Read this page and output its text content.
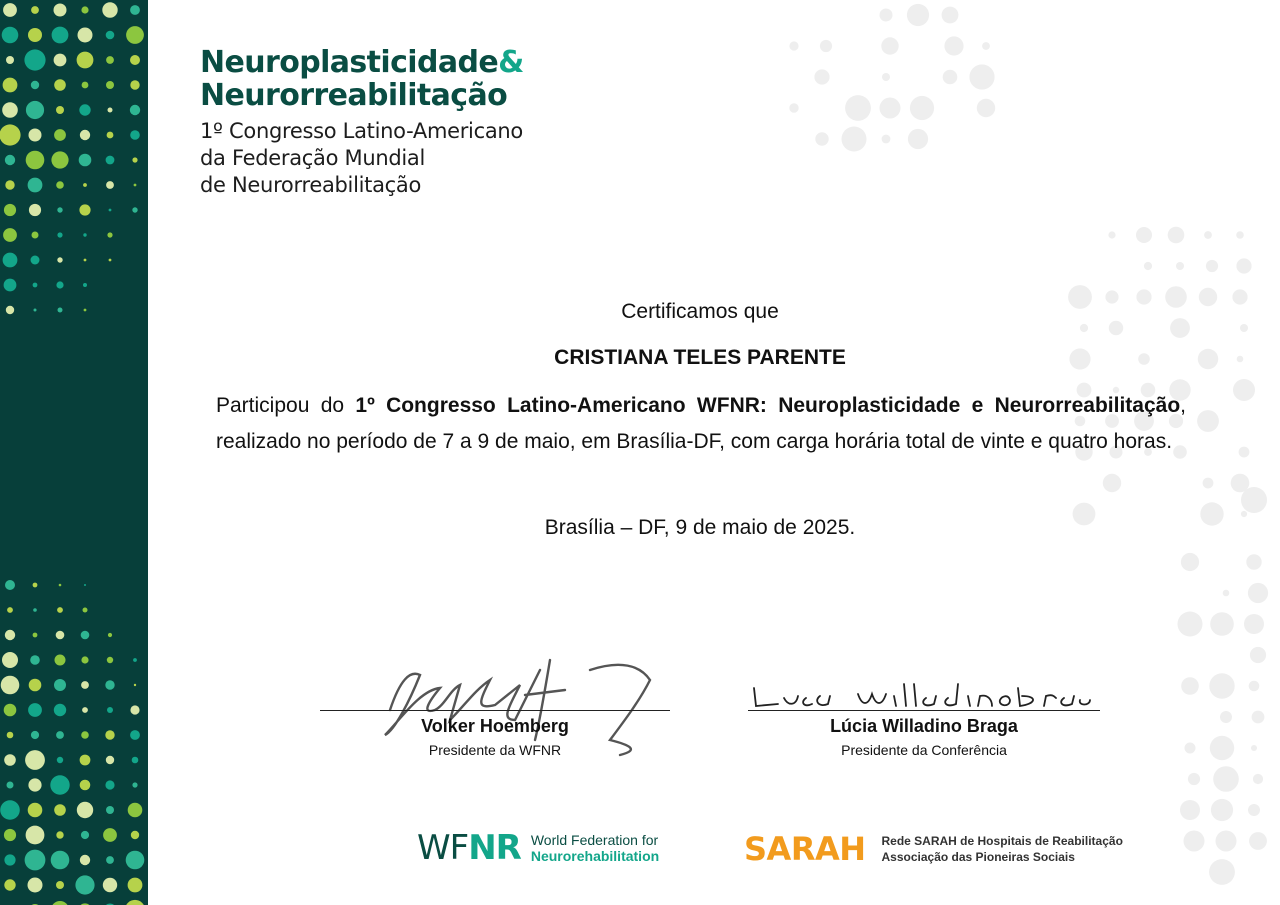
Neuroplasticidade&
Neurorreabilitação
1º Congresso Latino-Americano
da Federação Mundial
de Neurorreabilitação
Certificamos que
CRISTIANA TELES PARENTE
Participou do 1º Congresso Latino-Americano WFNR: Neuroplasticidade e Neurorreabilitação, realizado no período de 7 a 9 de maio, em Brasília-DF, com carga horária total de vinte e quatro horas.
Brasília – DF, 9 de maio de 2025.
Volker Hoemberg
Presidente da WFNR
Lúcia Willadino Braga
Presidente da Conferência
WFNR World Federation for
Neurorehabilitation	SARAH Rede SARAH de Hospitais de Reabilitação
Associação das Pioneiras Sociais
